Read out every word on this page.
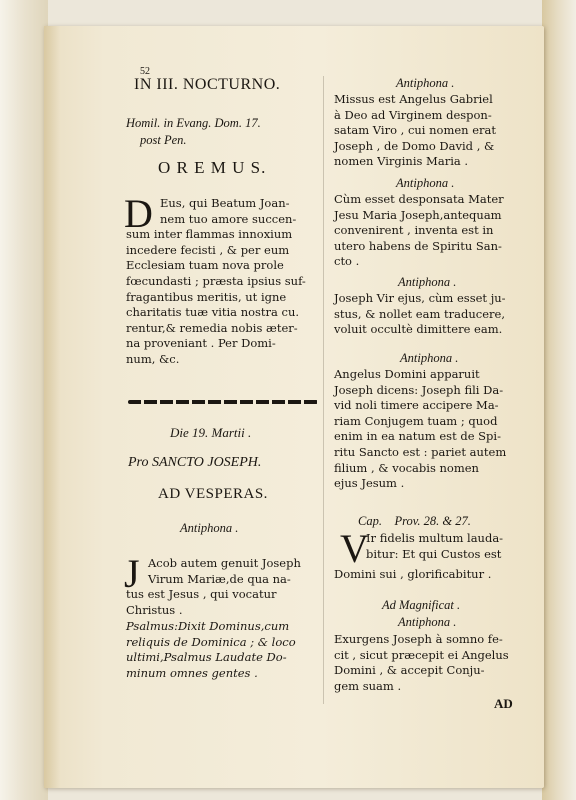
52
IN III. NOCTURNO.
Homil. in Evang. Dom. 17.
post Pen.
O R E M U S.
D Eus, qui Beatum Joan-
nem tuo amore succen-
sum inter flammas innoxium
incedere fecisti , & per eum
Ecclesiam tuam nova prole
fœcundasti ; præsta ipsius suf-
fragantibus meritis, ut igne
charitatis tuæ vitia nostra cu.
rentur,& remedia nobis æter-
na proveniant . Per Domi-
num, &c.
Die 19. Martii .
Pro SANCTO JOSEPH.
AD VESPERAS.
Antiphona .
J Acob autem genuit Joseph
Virum Mariæ,de qua na-
tus est Jesus , qui vocatur
Christus .
Psalmus:Dixit Dominus,cum
reliquis de Dominica ; & loco
ultimi,Psalmus Laudate Do-
minum omnes gentes .
Antiphona .
Missus est Angelus Gabriel
à Deo ad Virginem despon-
satam Viro , cui nomen erat
Joseph , de Domo David , &
nomen Virginis Maria .
Antiphona .
Cùm esset desponsata Mater
Jesu Maria Joseph,antequam
convenirent , inventa est in
utero habens de Spiritu San-
cto .
Antiphona .
Joseph Vir ejus, cùm esset ju-
stus, & nollet eam traducere,
voluit occultè dimittere eam.
Antiphona .
Angelus Domini apparuit
Joseph dicens: Joseph fili Da-
vid noli timere accipere Ma-
riam Conjugem tuam ; quod
enim in ea natum est de Spi-
ritu Sancto est : pariet autem
filium , & vocabis nomen
ejus Jesum .
Cap.    Prov. 28. & 27.
V
Ir fidelis multum lauda-
bitur: Et qui Custos est
Domini sui , glorificabitur .
Ad Magnificat .
Antiphona .
Exurgens Joseph à somno fe-
cit , sicut præcepit ei Angelus
Domini , & accepit Conju-
gem suam .
AD
